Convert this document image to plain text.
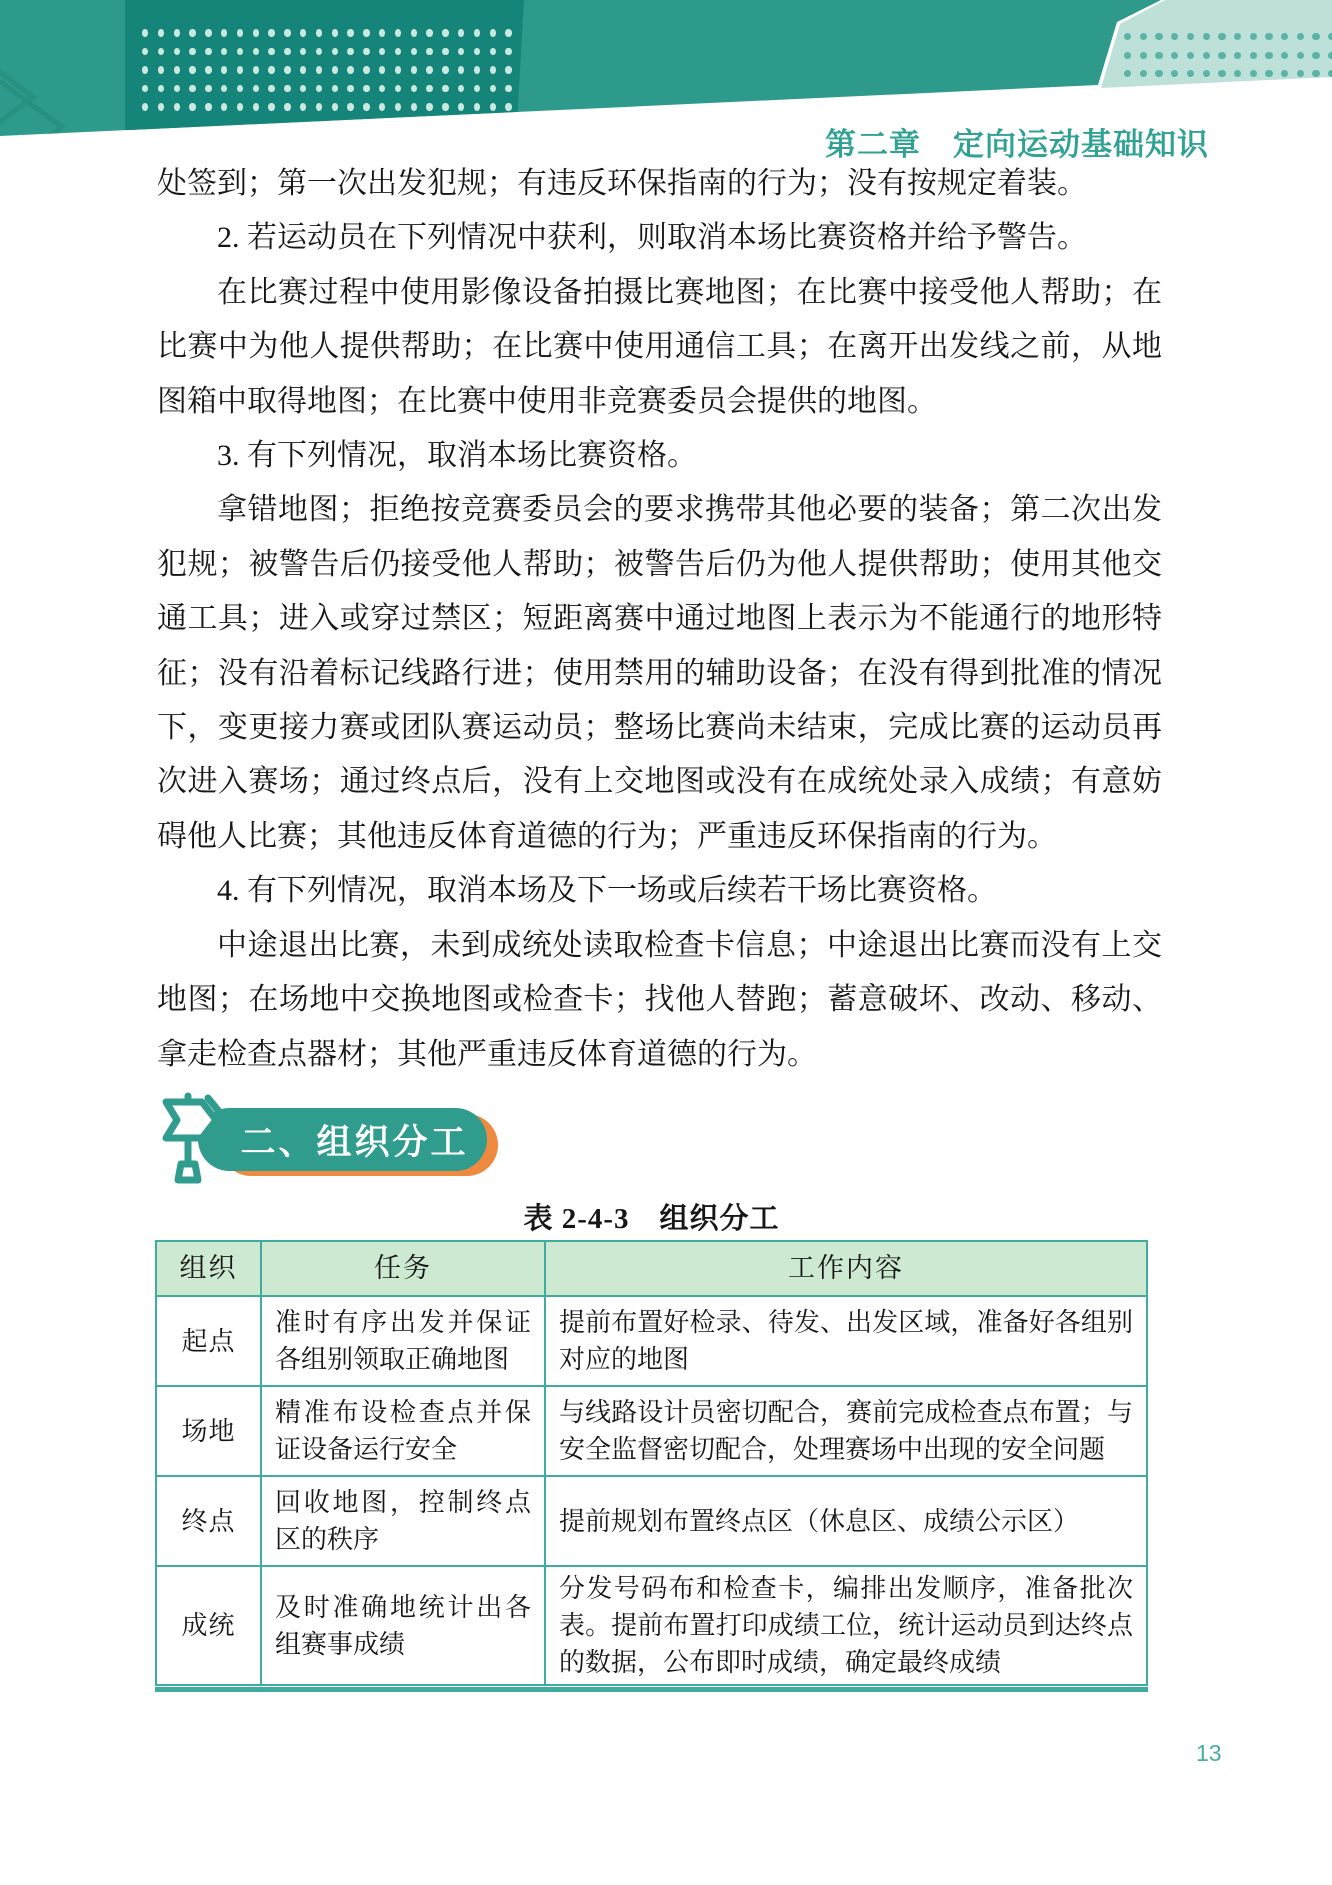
第二章　定向运动基础知识

处签到；第一次出发犯规；有违反环保指南的行为；没有按规定着装。

2. 若运动员在下列情况中获利，则取消本场比赛资格并给予警告。

在比赛过程中使用影像设备拍摄比赛地图；在比赛中接受他人帮助；在比赛中为他人提供帮助；在比赛中使用通信工具；在离开出发线之前，从地图箱中取得地图；在比赛中使用非竞赛委员会提供的地图。

3. 有下列情况，取消本场比赛资格。

拿错地图；拒绝按竞赛委员会的要求携带其他必要的装备；第二次出发犯规；被警告后仍接受他人帮助；被警告后仍为他人提供帮助；使用其他交通工具；进入或穿过禁区；短距离赛中通过地图上表示为不能通行的地形特征；没有沿着标记线路行进；使用禁用的辅助设备；在没有得到批准的情况下，变更接力赛或团队赛运动员；整场比赛尚未结束，完成比赛的运动员再次进入赛场；通过终点后，没有上交地图或没有在成统处录入成绩；有意妨碍他人比赛；其他违反体育道德的行为；严重违反环保指南的行为。

4. 有下列情况，取消本场及下一场或后续若干场比赛资格。

中途退出比赛，未到成统处读取检查卡信息；中途退出比赛而没有上交地图；在场地中交换地图或检查卡；找他人替跑；蓄意破坏、改动、移动、拿走检查点器材；其他严重违反体育道德的行为。

二、组织分工
表 2-4-3　组织分工
组织	任务	工作内容
起点	准时有序出发并保证各组别领取正确地图	提前布置好检录、待发、出发区域，准备好各组别对应的地图
场地	精准布设检查点并保证设备运行安全	与线路设计员密切配合，赛前完成检查点布置；与安全监督密切配合，处理赛场中出现的安全问题
终点	回收地图，控制终点区的秩序	提前规划布置终点区（休息区、成绩公示区）
成统	及时准确地统计出各组赛事成绩	分发号码布和检查卡，编排出发顺序，准备批次表。提前布置打印成绩工位，统计运动员到达终点的数据，公布即时成绩，确定最终成绩
13
